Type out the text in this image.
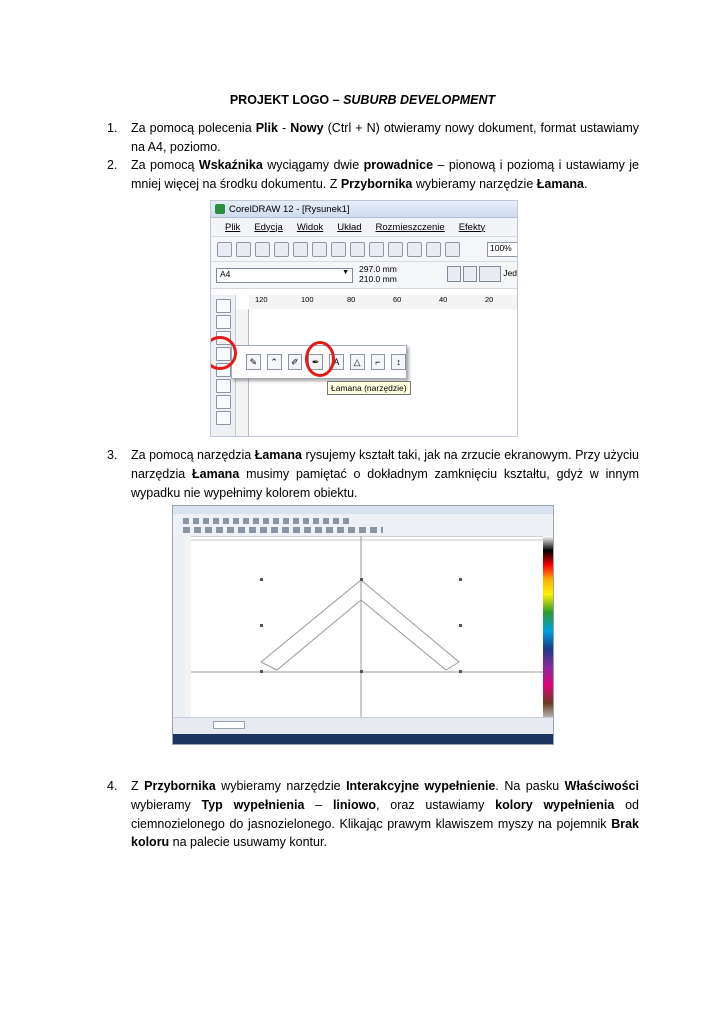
PROJEKT LOGO – SUBURB DEVELOPMENT
1. Za pomocą polecenia Plik - Nowy (Ctrl + N) otwieramy nowy dokument, format ustawiamy na A4, poziomo.
2. Za pomocą Wskaźnika wyciągamy dwie prowadnice – pionową i poziomą i ustawiamy je mniej więcej na środku dokumentu. Z Przybornika wybieramy narzędzie Łamana.
CorelDRAW 12 - [Rysunek1]
Plik Edycja Widok Układ Rozmieszczenie Efekty
100%
A4	▼ 297.0 mm
210.0 mm
Jed
120	100	80	60	40	20
✎	⌃	✐	✒	A	△	⌐	↕
Łamana (narzędzie)
3. Za pomocą narzędzia Łamana rysujemy kształt taki, jak na zrzucie ekranowym. Przy użyciu narzędzia Łamana musimy pamiętać o dokładnym zamknięciu kształtu, gdyż w innym wypadku nie wypełnimy kolorem obiektu.
4. Z Przybornika wybieramy narzędzie Interakcyjne wypełnienie. Na pasku Właściwości wybieramy Typ wypełnienia – liniowo, oraz ustawiamy kolory wypełnienia od ciemnozielonego do jasnozielonego. Klikając prawym klawiszem myszy na pojemnik Brak koloru na palecie usuwamy kontur.
